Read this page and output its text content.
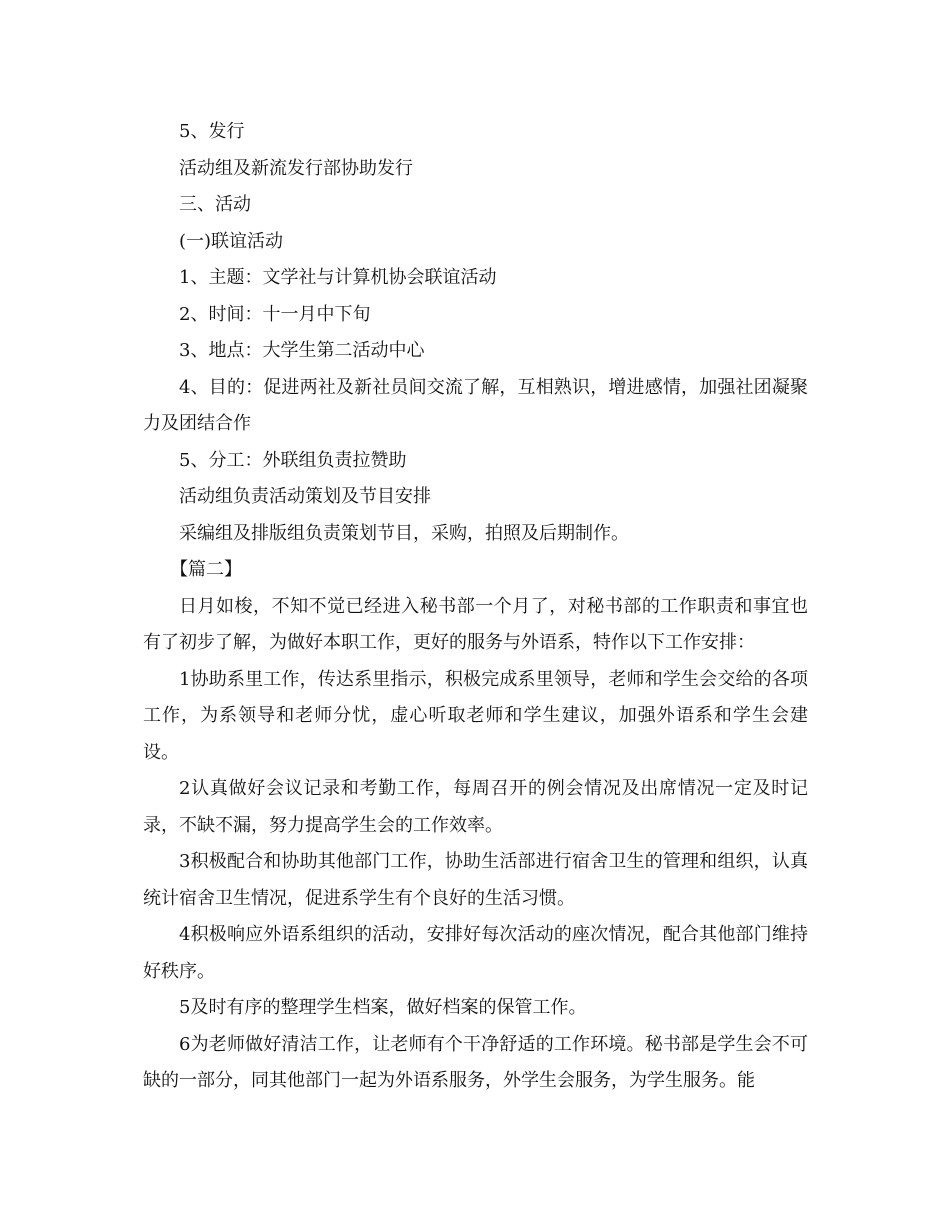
5、发行

活动组及新流发行部协助发行

三、活动

(一)联谊活动

1、主题：文学社与计算机协会联谊活动

2、时间：十一月中下旬

3、地点：大学生第二活动中心

4、目的：促进两社及新社员间交流了解，互相熟识，增进感情，加强社团凝聚力及团结合作

5、分工：外联组负责拉赞助

活动组负责活动策划及节目安排

采编组及排版组负责策划节目，采购，拍照及后期制作。

【篇二】

日月如梭，不知不觉已经进入秘书部一个月了，对秘书部的工作职责和事宜也有了初步了解，为做好本职工作，更好的服务与外语系，特作以下工作安排：

1协助系里工作，传达系里指示，积极完成系里领导，老师和学生会交给的各项工作，为系领导和老师分忧，虚心听取老师和学生建议，加强外语系和学生会建设。

2认真做好会议记录和考勤工作，每周召开的例会情况及出席情况一定及时记录，不缺不漏，努力提高学生会的工作效率。

3积极配合和协助其他部门工作，协助生活部进行宿舍卫生的管理和组织，认真统计宿舍卫生情况，促进系学生有个良好的生活习惯。

4积极响应外语系组织的活动，安排好每次活动的座次情况，配合其他部门维持好秩序。

5及时有序的整理学生档案，做好档案的保管工作。

6为老师做好清洁工作，让老师有个干净舒适的工作环境。秘书部是学生会不可缺的一部分，同其他部门一起为外语系服务，外学生会服务，为学生服务。能
